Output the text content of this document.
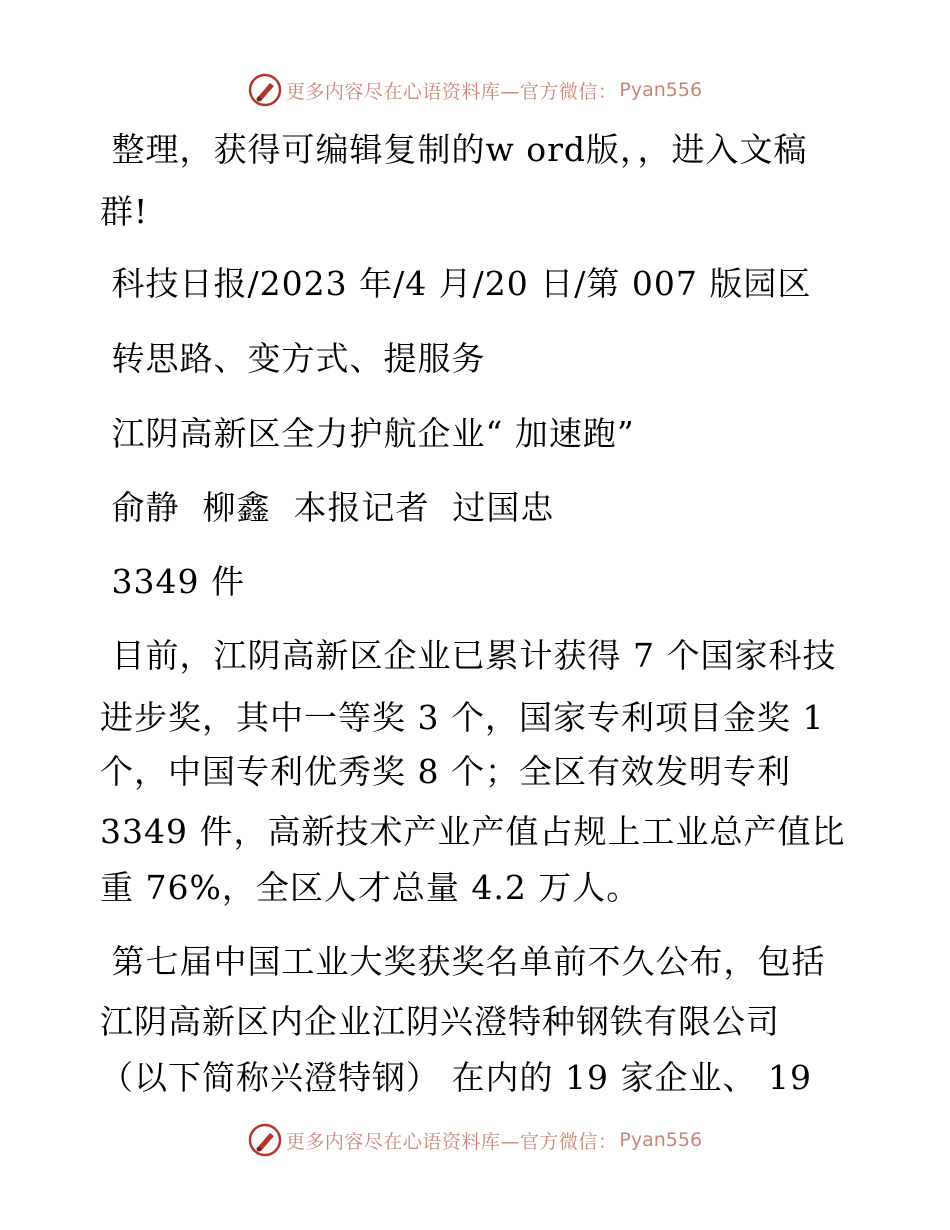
更多内容尽在心语资料库—官方微信： Pyan556
整理，获得可编辑复制的w ord版，，进入文稿
群!
科技日报/2023 年/4 月/20 日/第 007 版园区
转思路、变方式、提服务
江阴高新区全力护航企业“ 加速跑”
俞静  柳鑫  本报记者  过国忠
3349 件
目前，江阴高新区企业已累计获得 7 个国家科技
进步奖，其中一等奖 3 个，国家专利项目金奖 1
个，中国专利优秀奖 8 个；全区有效发明专利
3349 件，高新技术产业产值占规上工业总产值比
重 76%，全区人才总量 4.2 万人。
第七届中国工业大奖获奖名单前不久公布，包括
江阴高新区内企业江阴兴澄特种钢铁有限公司
（以下简称兴澄特钢） 在内的 19 家企业、 19
更多内容尽在心语资料库—官方微信： Pyan556
